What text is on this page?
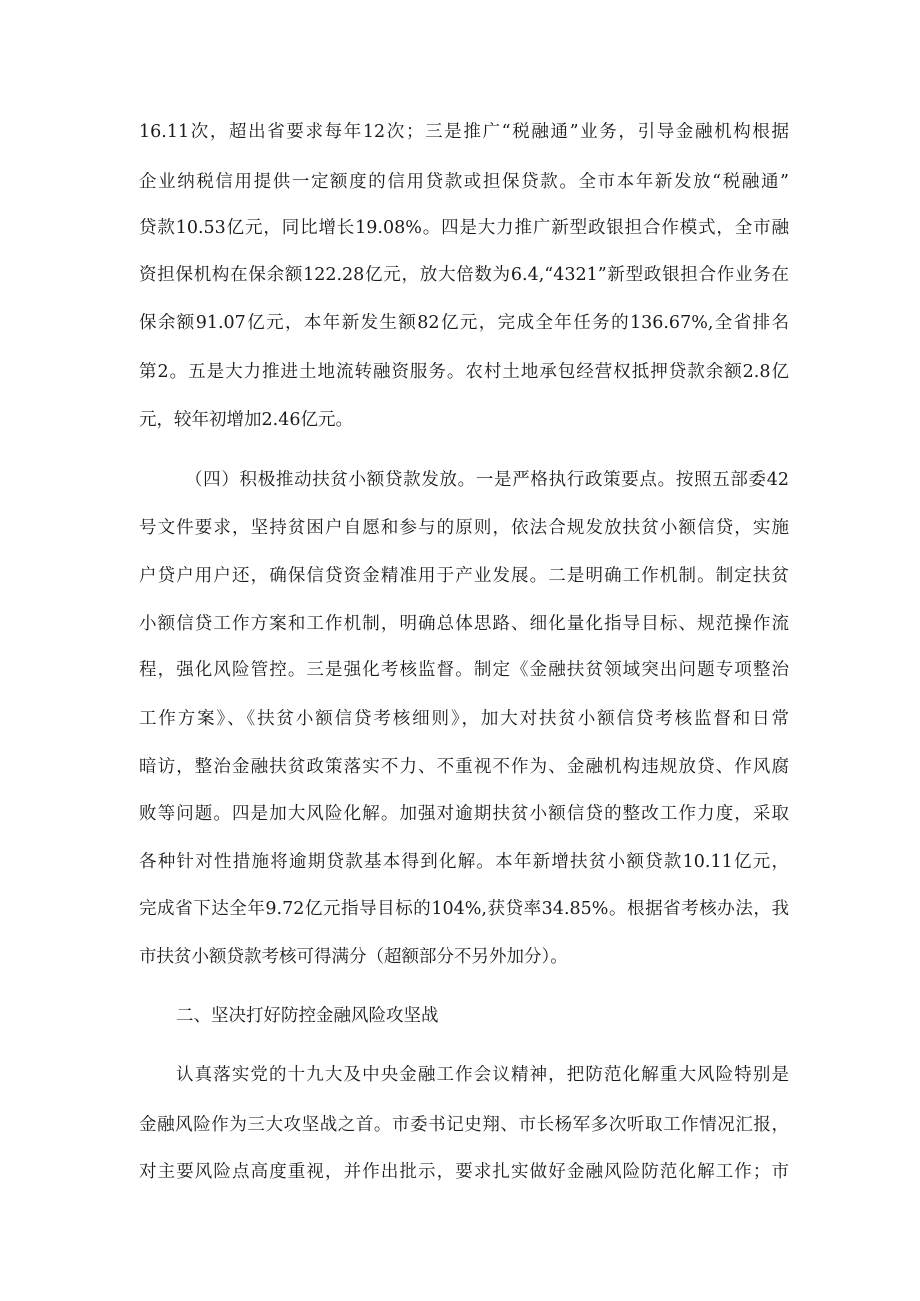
16.11次，超出省要求每年12次；三是推广“税融通”业务，引导金融机构根据
企业纳税信用提供一定额度的信用贷款或担保贷款。全市本年新发放“税融通”
贷款10.53亿元，同比增长19.08%。四是大力推广新型政银担合作模式，全市融
资担保机构在保余额122.28亿元，放大倍数为6.4,“4321”新型政银担合作业务在
保余额91.07亿元，本年新发生额82亿元，完成全年任务的136.67%,全省排名
第2。五是大力推进土地流转融资服务。农村土地承包经营权抵押贷款余额2.8亿
元，较年初增加2.46亿元。
（四）积极推动扶贫小额贷款发放。一是严格执行政策要点。按照五部委42
号文件要求，坚持贫困户自愿和参与的原则，依法合规发放扶贫小额信贷，实施
户贷户用户还，确保信贷资金精准用于产业发展。二是明确工作机制。制定扶贫
小额信贷工作方案和工作机制，明确总体思路、细化量化指导目标、规范操作流
程，强化风险管控。三是强化考核监督。制定《金融扶贫领域突出问题专项整治
工作方案》、《扶贫小额信贷考核细则》，加大对扶贫小额信贷考核监督和日常
暗访，整治金融扶贫政策落实不力、不重视不作为、金融机构违规放贷、作风腐
败等问题。四是加大风险化解。加强对逾期扶贫小额信贷的整改工作力度，采取
各种针对性措施将逾期贷款基本得到化解。本年新增扶贫小额贷款10.11亿元，
完成省下达全年9.72亿元指导目标的104%,获贷率34.85%。根据省考核办法，我
市扶贫小额贷款考核可得满分（超额部分不另外加分）。
二、坚决打好防控金融风险攻坚战
认真落实党的十九大及中央金融工作会议精神，把防范化解重大风险特别是
金融风险作为三大攻坚战之首。市委书记史翔、市长杨军多次听取工作情况汇报，
对主要风险点高度重视，并作出批示，要求扎实做好金融风险防范化解工作；市
